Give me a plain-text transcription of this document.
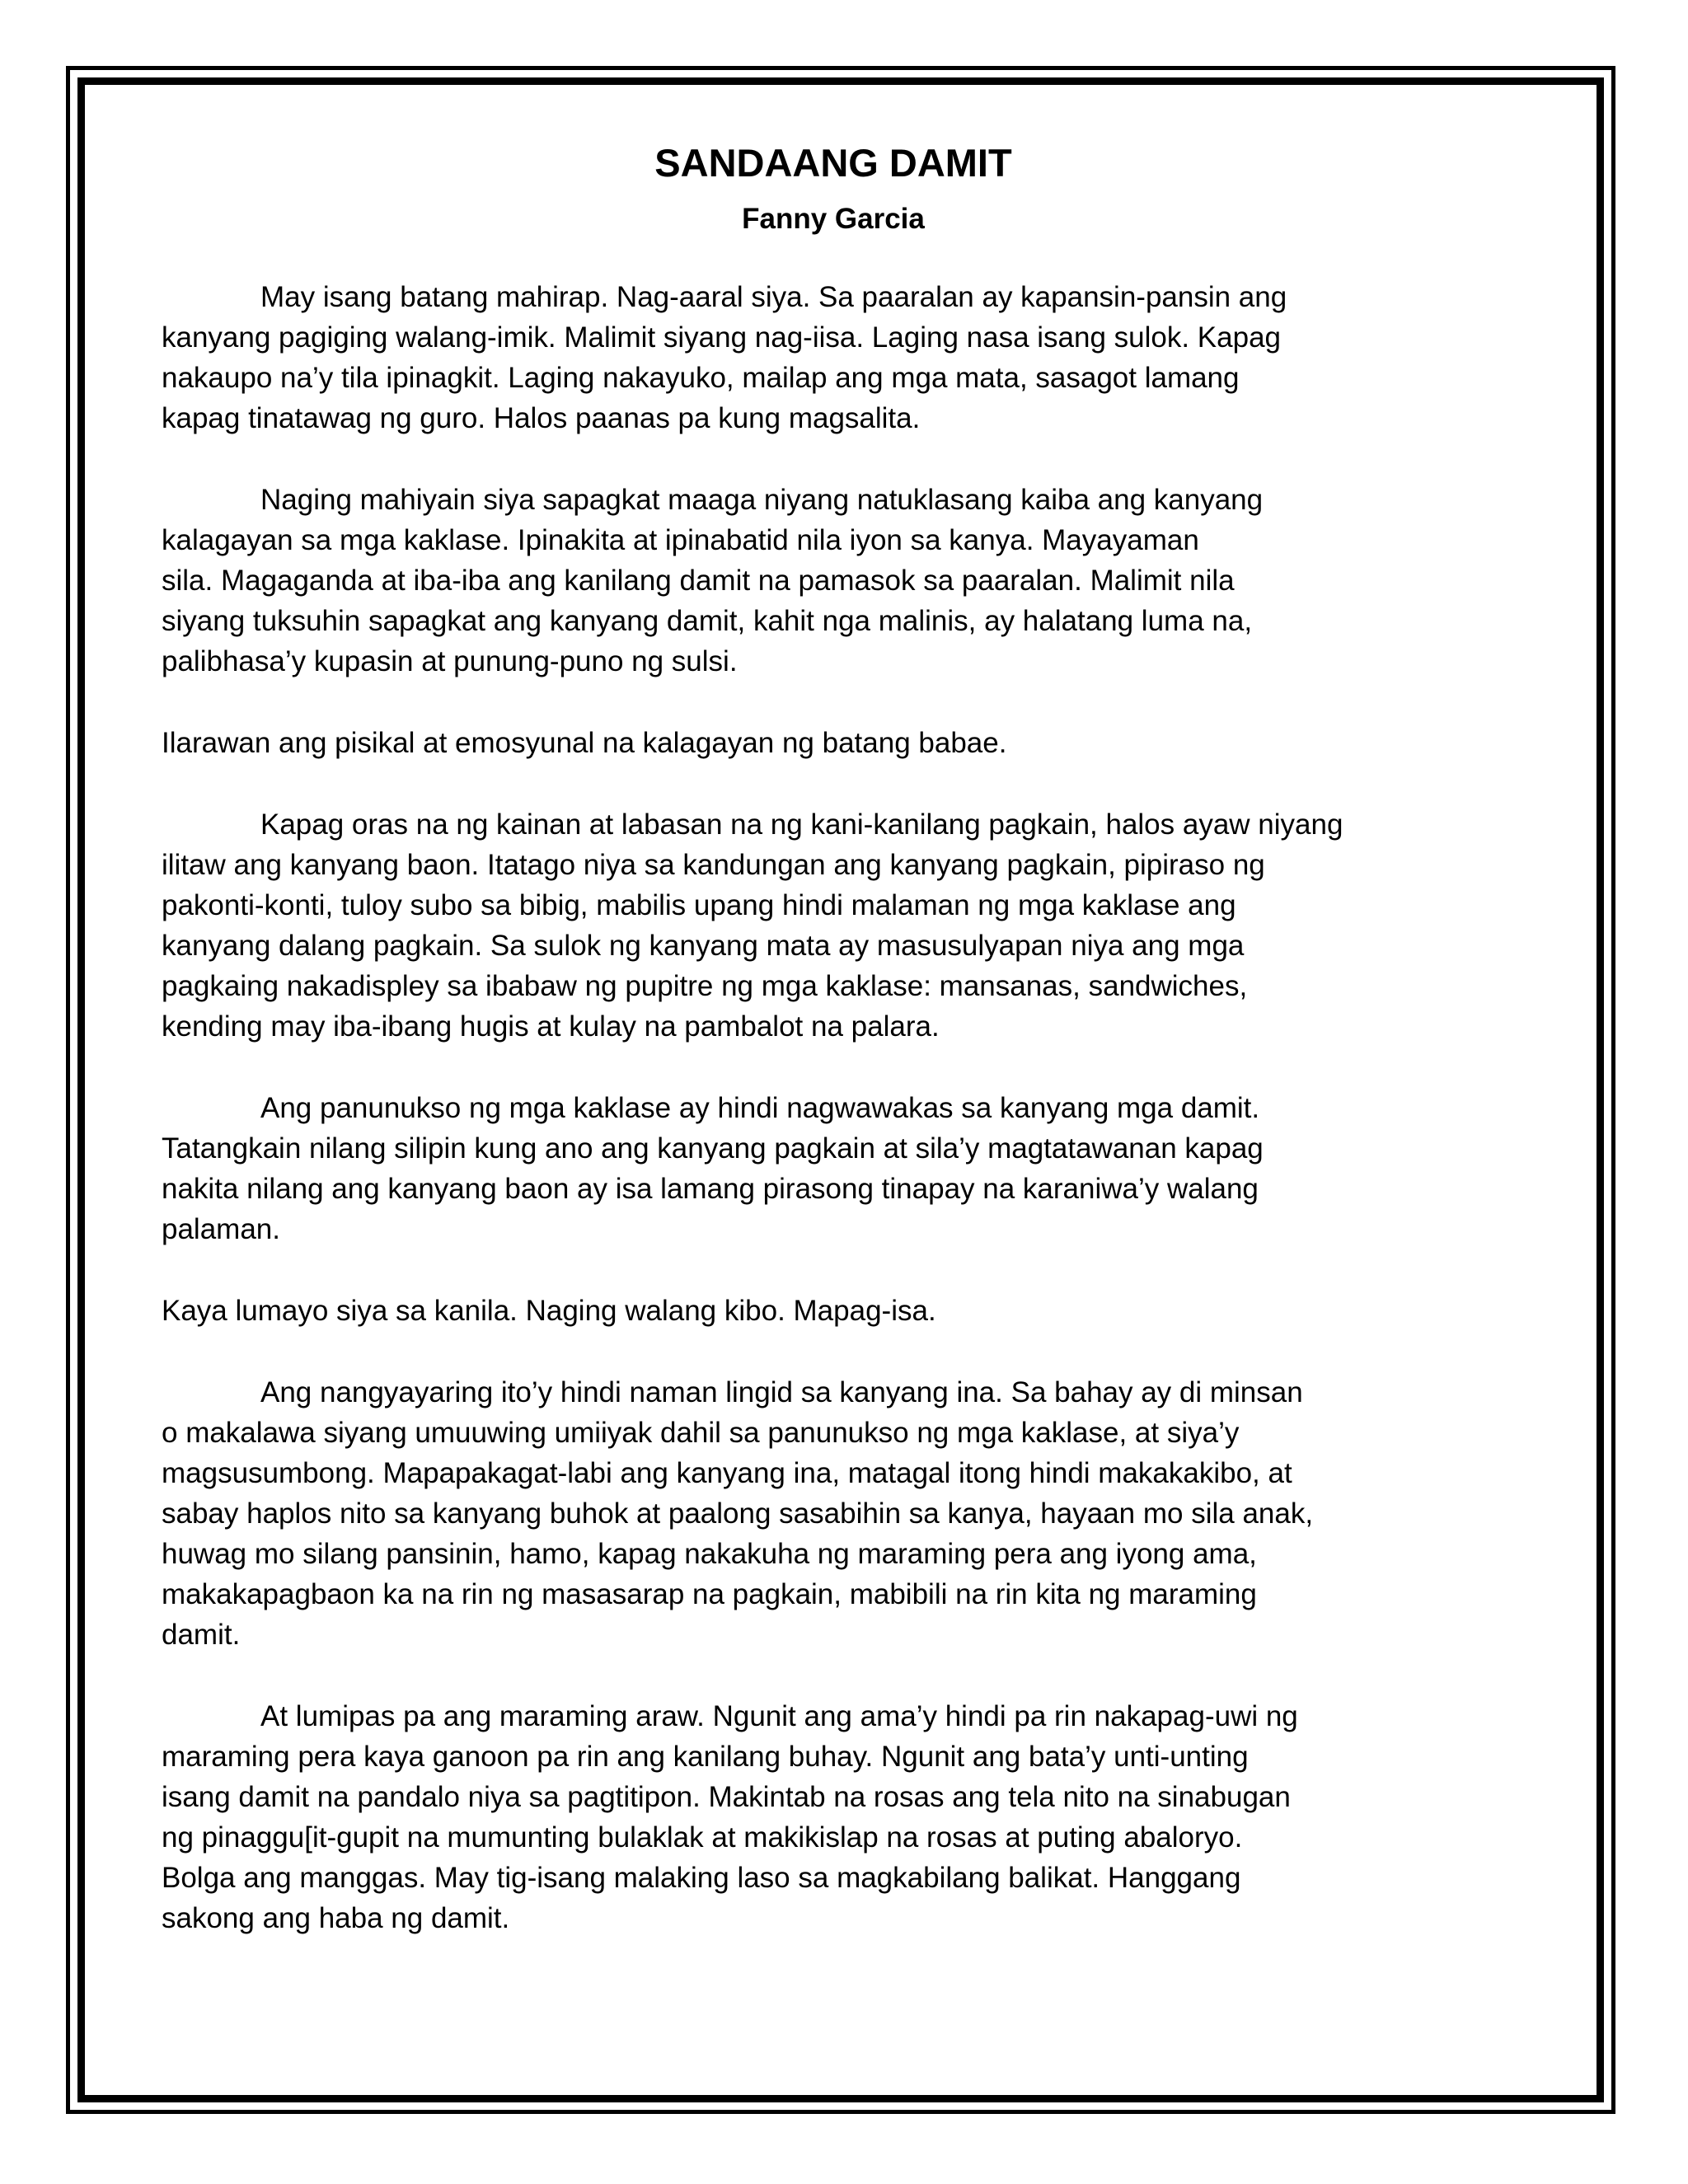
SANDAANG DAMIT
Fanny Garcia
May isang batang mahirap. Nag-aaral siya. Sa paaralan ay kapansin-pansin ang
kanyang pagiging walang-imik. Malimit siyang nag-iisa. Laging nasa isang sulok. Kapag
nakaupo na’y tila ipinagkit. Laging nakayuko, mailap ang mga mata, sasagot lamang
kapag tinatawag ng guro. Halos paanas pa kung magsalita.
Naging mahiyain siya sapagkat maaga niyang natuklasang kaiba ang kanyang
kalagayan sa mga kaklase. Ipinakita at ipinabatid nila iyon sa kanya. Mayayaman
sila. Magaganda at iba-iba ang kanilang damit na pamasok sa paaralan. Malimit nila
siyang tuksuhin sapagkat ang kanyang damit, kahit nga malinis, ay halatang luma na,
palibhasa’y kupasin at punung-puno ng sulsi.
Ilarawan ang pisikal at emosyunal na kalagayan ng batang babae.
Kapag oras na ng kainan at labasan na ng kani-kanilang pagkain, halos ayaw niyang
ilitaw ang kanyang baon. Itatago niya sa kandungan ang kanyang pagkain, pipiraso ng
pakonti-konti, tuloy subo sa bibig, mabilis upang hindi malaman ng mga kaklase ang
kanyang dalang pagkain. Sa sulok ng kanyang mata ay masusulyapan niya ang mga
pagkaing nakadispley sa ibabaw ng pupitre ng mga kaklase: mansanas, sandwiches,
kending may iba-ibang hugis at kulay na pambalot na palara.
Ang panunukso ng mga kaklase ay hindi nagwawakas sa kanyang mga damit.
Tatangkain nilang silipin kung ano ang kanyang pagkain at sila’y magtatawanan kapag
nakita nilang ang kanyang baon ay isa lamang pirasong tinapay na karaniwa’y walang
palaman.
Kaya lumayo siya sa kanila. Naging walang kibo. Mapag-isa.
Ang nangyayaring ito’y hindi naman lingid sa kanyang ina. Sa bahay ay di minsan
o makalawa siyang umuuwing umiiyak dahil sa panunukso ng mga kaklase, at siya’y
magsusumbong. Mapapakagat-labi ang kanyang ina, matagal itong hindi makakakibo, at
sabay haplos nito sa kanyang buhok at paalong sasabihin sa kanya, hayaan mo sila anak,
huwag mo silang pansinin, hamo, kapag nakakuha ng maraming pera ang iyong ama,
makakapagbaon ka na rin ng masasarap na pagkain, mabibili na rin kita ng maraming
damit.
At lumipas pa ang maraming araw. Ngunit ang ama’y hindi pa rin nakapag-uwi ng
maraming pera kaya ganoon pa rin ang kanilang buhay. Ngunit ang bata’y unti-unting
isang damit na pandalo niya sa pagtitipon. Makintab na rosas ang tela nito na sinabugan
ng pinaggu[it-gupit na mumunting bulaklak at makikislap na rosas at puting abaloryo.
Bolga ang manggas. May tig-isang malaking laso sa magkabilang balikat. Hanggang
sakong ang haba ng damit.
